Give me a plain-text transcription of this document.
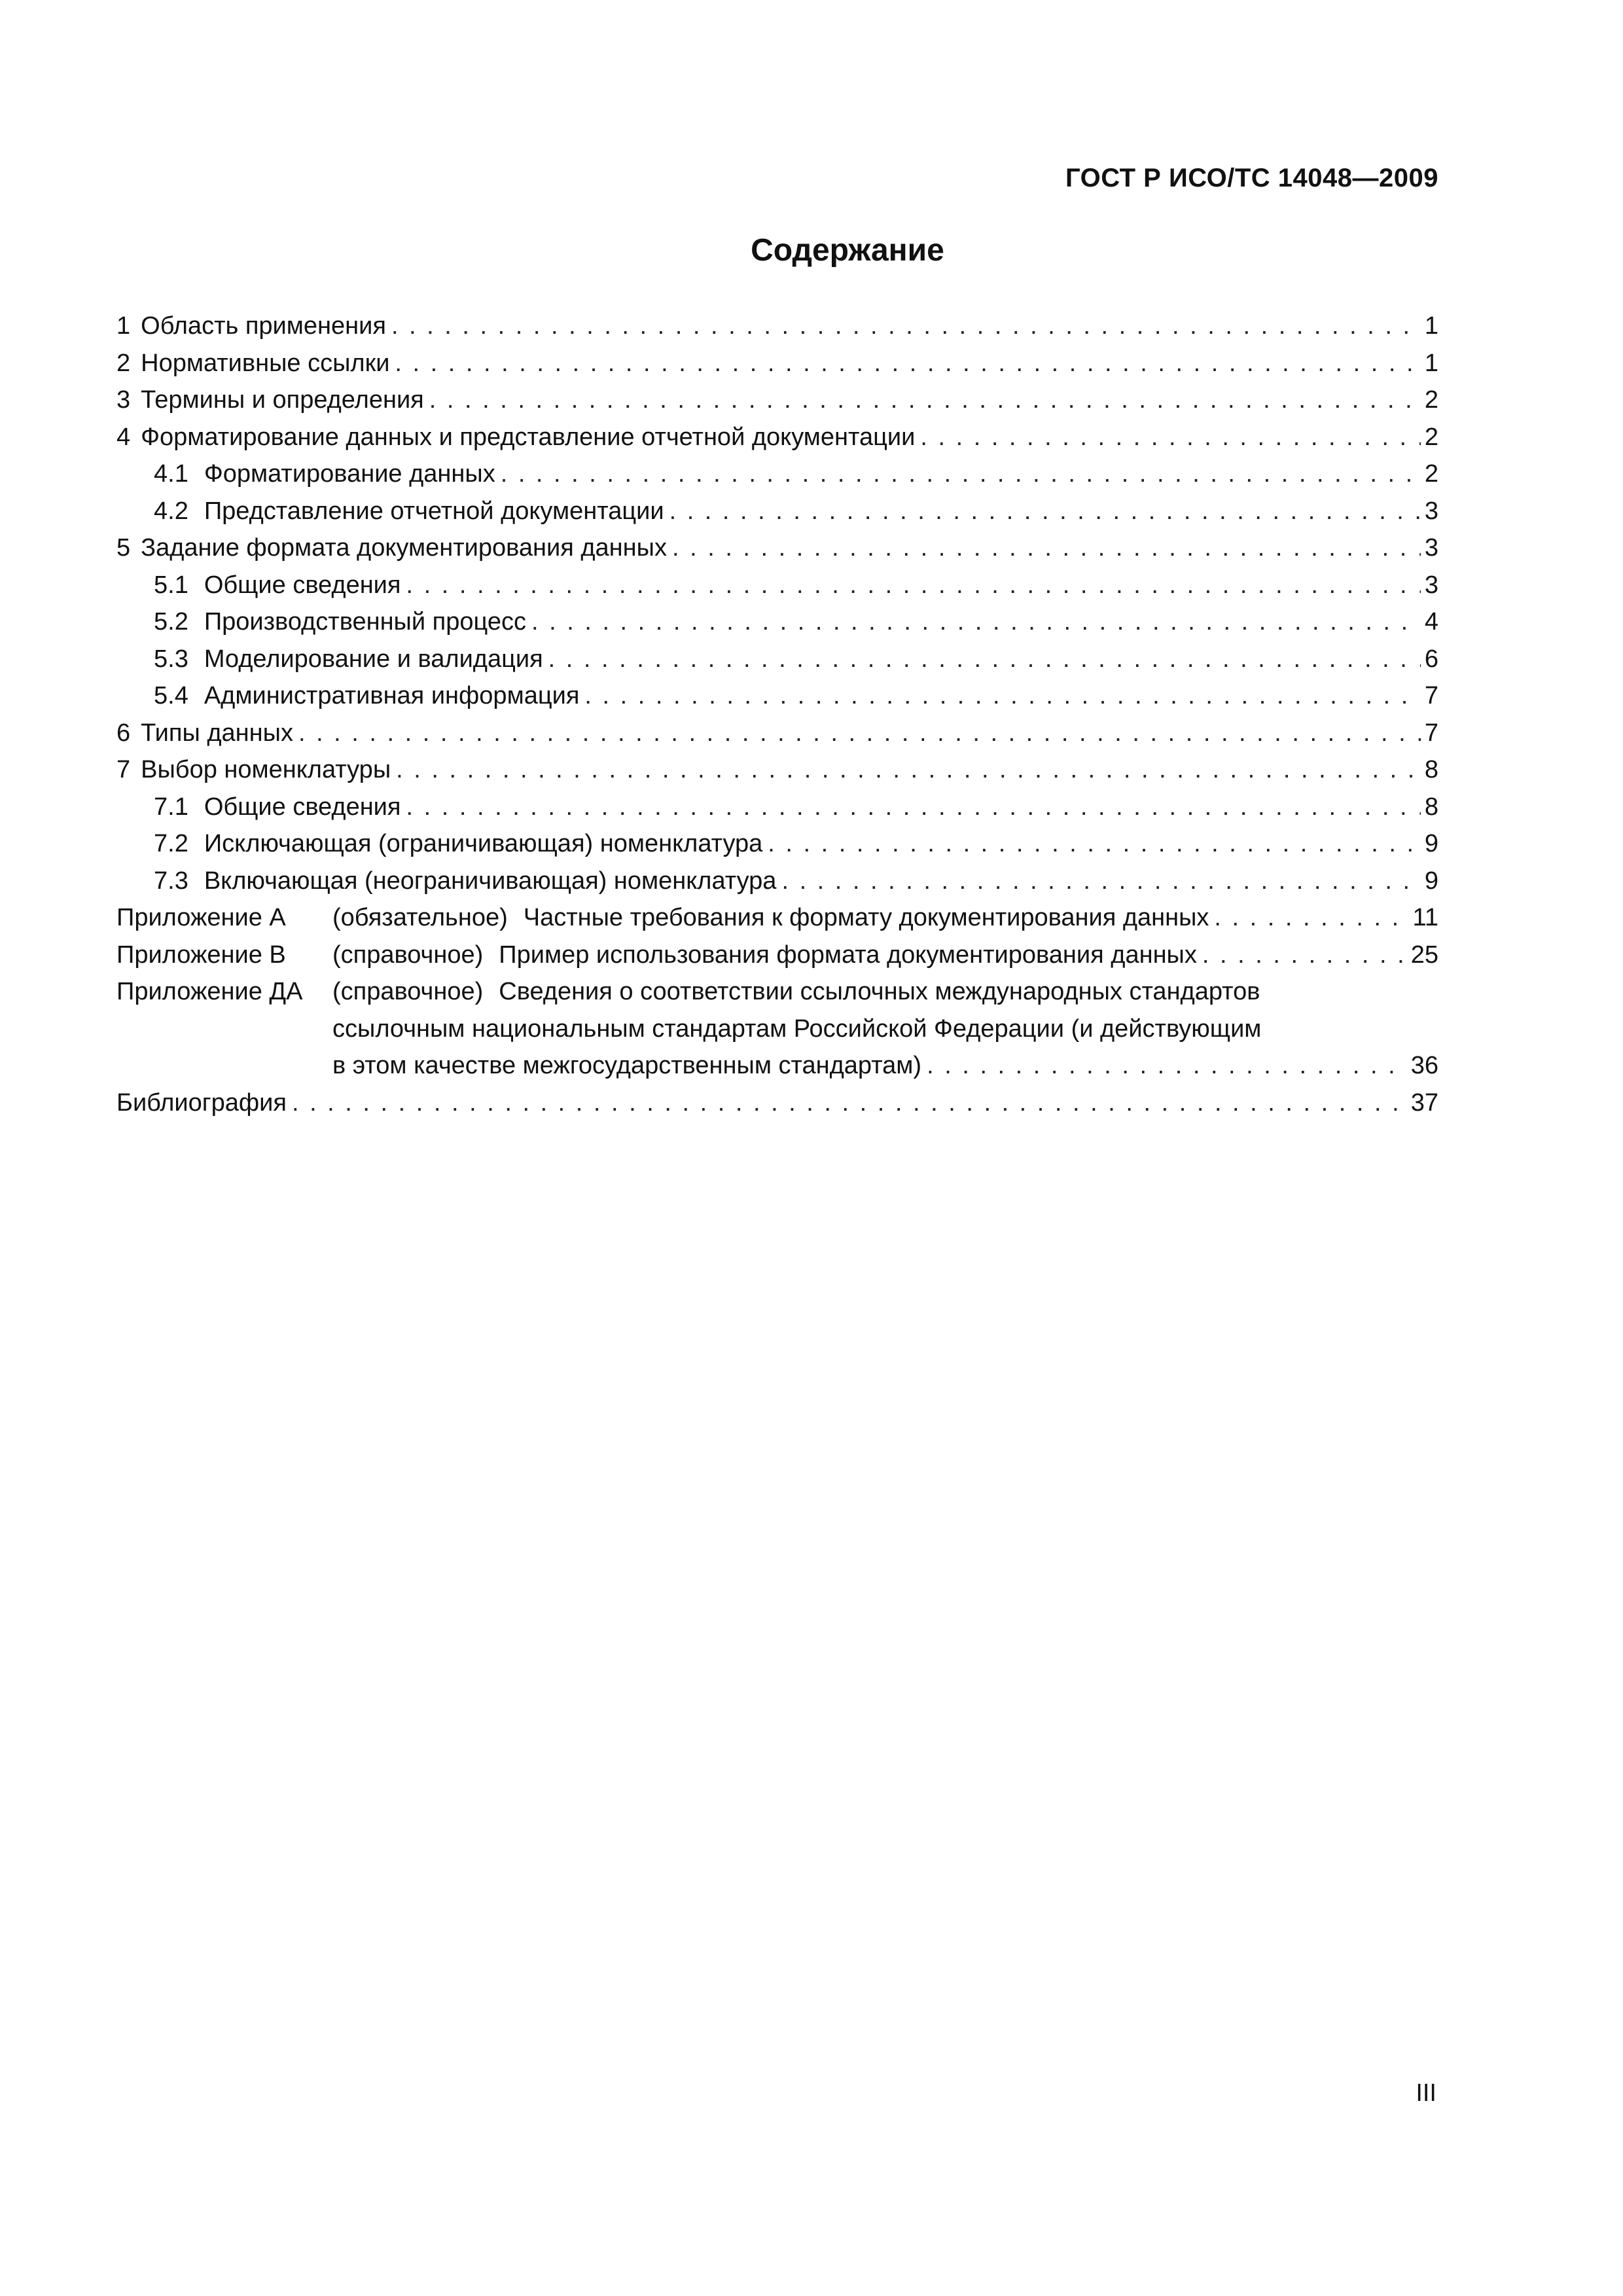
ГОСТ Р ИСО/ТС 14048—2009
Содержание
1 Область применения . . .	1
2 Нормативные ссылки . . .	1
3 Термины и определения . . .	2
4 Форматирование данных и представление отчетной документации . . .	2
4.1 Форматирование данных . . .	2
4.2 Представление отчетной документации . . .	3
5 Задание формата документирования данных . . .	3
5.1 Общие сведения . . .	3
5.2 Производственный процесс . . .	4
5.3 Моделирование и валидация . . .	6
5.4 Административная информация . . .	7
6 Типы данных . . .	7
7 Выбор номенклатуры . . .	8
7.1 Общие сведения . . .	8
7.2 Исключающая (ограничивающая) номенклатура . . .	9
7.3 Включающая (неограничивающая) номенклатура . . .	9
Приложение А	(обязательное) Частные требования к формату документирования данных . . .	11
Приложение В	(справочное) Пример использования формата документирования данных . . .	25
Приложение ДА	(справочное) Сведения о соответствии ссылочных международных стандартов
ссылочным национальным стандартам Российской Федерации (и действующим
в этом качестве межгосударственным стандартам) . . .	36
Библиография . . .	37
III
